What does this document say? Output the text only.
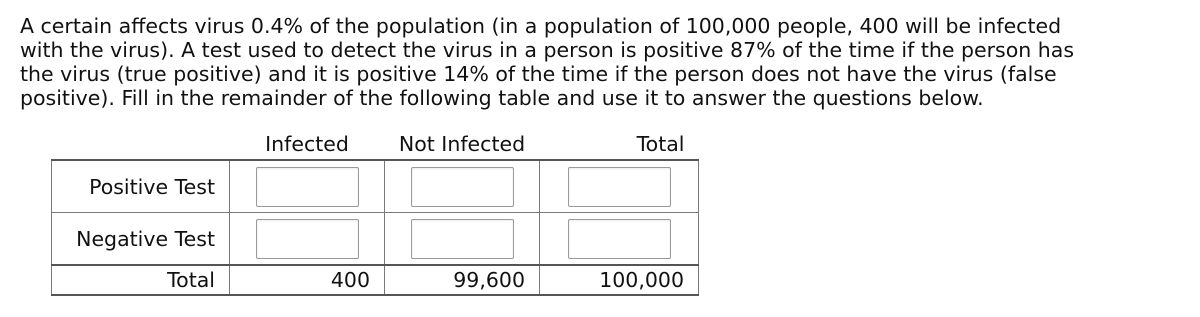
A certain affects virus 0.4% of the population (in a population of 100,000 people, 400 will be infected with the virus). A test used to detect the virus in a person is positive 87% of the time if the person has the virus (true positive) and it is positive 14% of the time if the person does not have the virus (false positive). Fill in the remainder of the following table and use it to answer the questions below.
	Infected	Not Infected	Total
Positive Test			
Negative Test			
Total	400	99,600	100,000
